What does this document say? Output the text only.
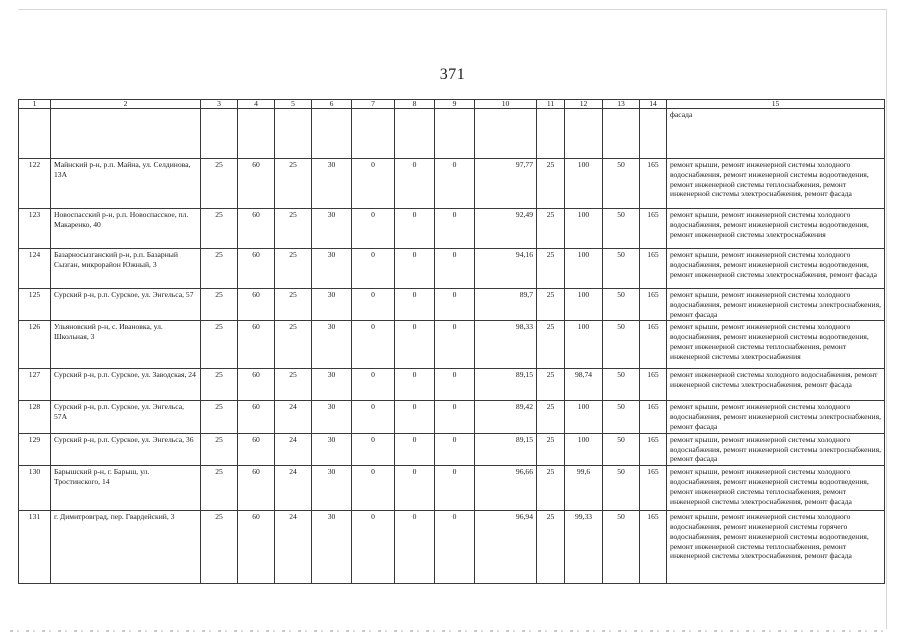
371
1	2	3	4	5	6	7	8	9	10	11	12	13	14	15
														фасада
122	Майнский р-н, р.п. Майна, ул. Селдинова, 13А	25	60	25	30	0	0	0	97,77	25	100	50	165	ремонт крыши, ремонт инженерной системы холодного водоснабжения, ремонт инженерной системы водоотведения, ремонт инженерной системы теплоснабжения, ремонт инженерной системы электроснабжения, ремонт фасада
123	Новоспасский р-н, р.п. Новоспасское, пл. Макаренко, 40	25	60	25	30	0	0	0	92,49	25	100	50	165	ремонт крыши, ремонт инженерной системы холодного водоснабжения, ремонт инженерной системы водоотведения, ремонт инженерной системы электроснабжения
124	Базарносызганский р-н, р.п. Базарный Сызган, микрорайон Южный, 3	25	60	25	30	0	0	0	94,16	25	100	50	165	ремонт крыши, ремонт инженерной системы холодного водоснабжения, ремонт инженерной системы водоотведения, ремонт инженерной системы электроснабжения, ремонт фасада
125	Сурский р-н, р.п. Сурское, ул. Энгельса, 57	25	60	25	30	0	0	0	89,7	25	100	50	165	ремонт крыши, ремонт инженерной системы холодного водоснабжения, ремонт инженерной системы электроснабжения, ремонт фасада
126	Ульяновский р-н, с. Ивановка, ул. Школьная, 3	25	60	25	30	0	0	0	98,33	25	100	50	165	ремонт крыши, ремонт инженерной системы холодного водоснабжения, ремонт инженерной системы водоотведения, ремонт инженерной системы теплоснабжения, ремонт инженерной системы электроснабжения
127	Сурский р-н, р.п. Сурское, ул. Заводская, 24	25	60	25	30	0	0	0	89,15	25	98,74	50	165	ремонт инженерной системы холодного водоснабжения, ремонт инженерной системы электроснабжения, ремонт фасада
128	Сурский р-н, р.п. Сурское, ул. Энгельса, 57А	25	60	24	30	0	0	0	89,42	25	100	50	165	ремонт крыши, ремонт инженерной системы холодного водоснабжения, ремонт инженерной системы электроснабжения, ремонт фасада
129	Сурский р-н, р.п. Сурское, ул. Энгельса, 36	25	60	24	30	0	0	0	89,15	25	100	50	165	ремонт крыши, ремонт инженерной системы холодного водоснабжения, ремонт инженерной системы электроснабжения, ремонт фасада
130	Барышский р-н, г. Барыш, ул. Тростинского, 14	25	60	24	30	0	0	0	96,66	25	99,6	50	165	ремонт крыши, ремонт инженерной системы холодного водоснабжения, ремонт инженерной системы водоотведения, ремонт инженерной системы теплоснабжения, ремонт инженерной системы электроснабжения, ремонт фасада
131	г. Димитровград, пер. Гвардейский, 3	25	60	24	30	0	0	0	96,94	25	99,33	50	165	ремонт крыши, ремонт инженерной системы холодного водоснабжения, ремонт инженерной системы горячего водоснабжения, ремонт инженерной системы водоотведения, ремонт инженерной системы теплоснабжения, ремонт инженерной системы электроснабжения, ремонт фасада
